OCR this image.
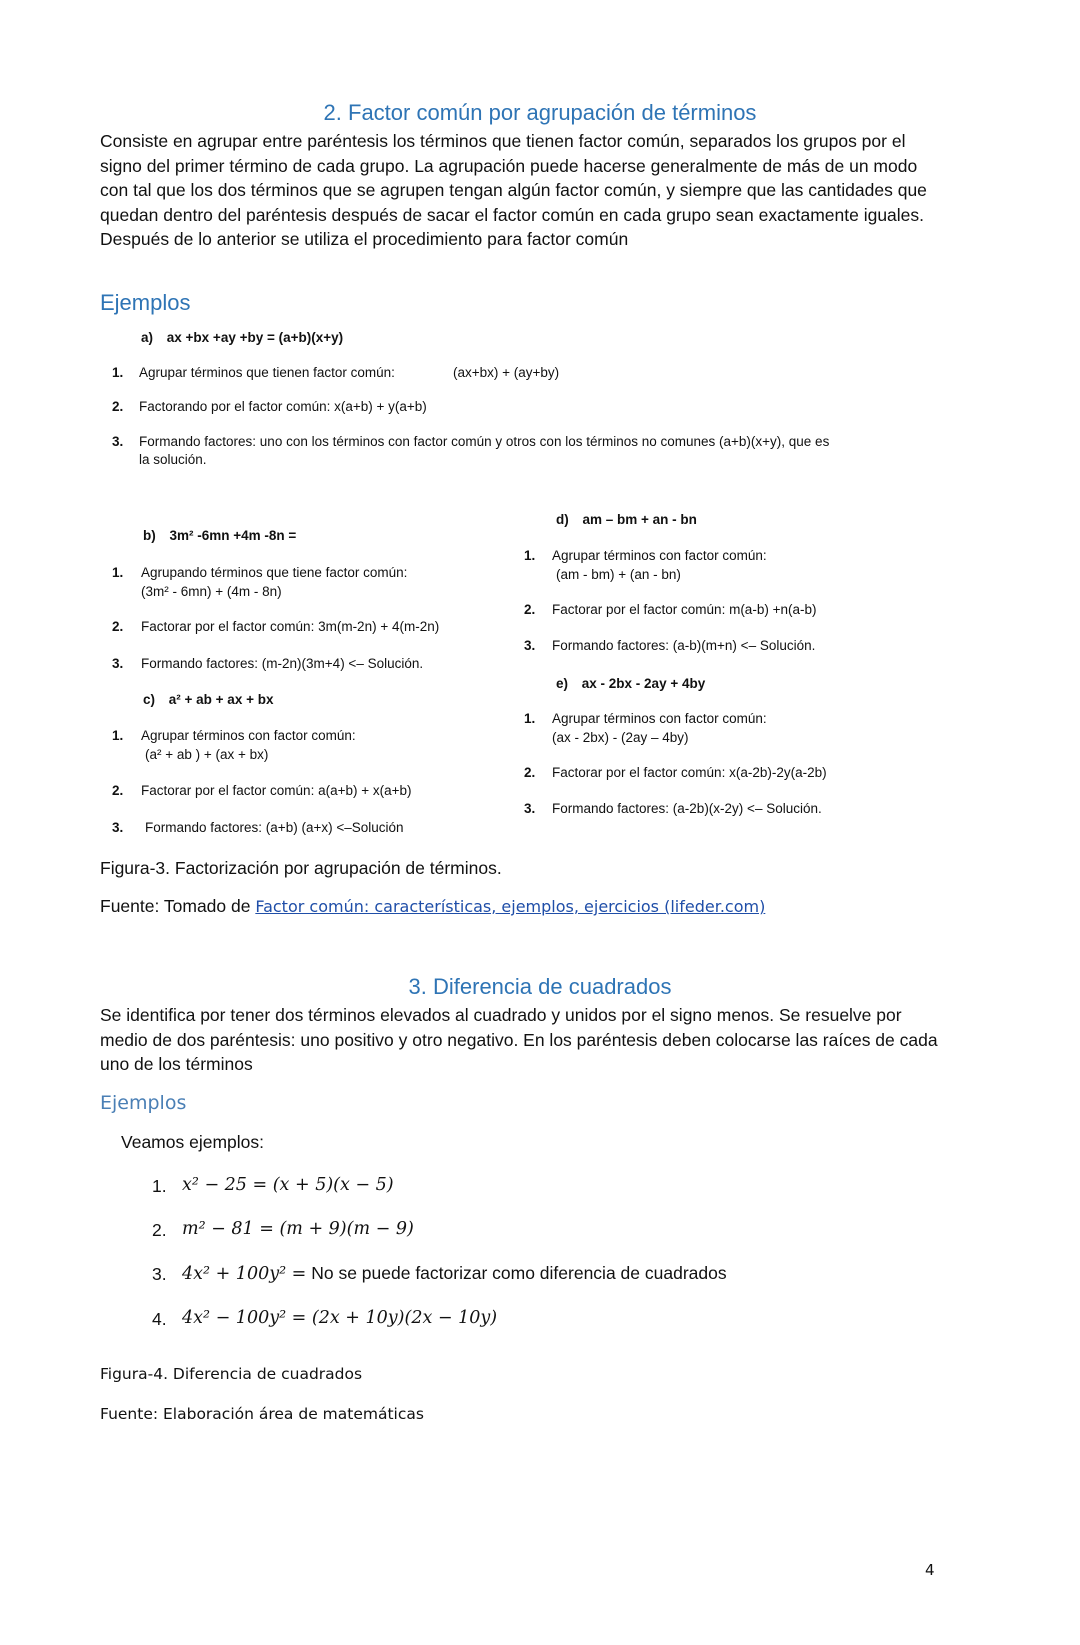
2. Factor común por agrupación de términos
Consiste en agrupar entre paréntesis los términos que tienen factor común, separados los grupos por el signo del primer término de cada grupo. La agrupación puede hacerse generalmente de más de un modo con tal que los dos términos que se agrupen tengan algún factor común, y siempre que las cantidades que quedan dentro del paréntesis después de sacar el factor común en cada grupo sean exactamente iguales. Después de lo anterior se utiliza el procedimiento para factor común
Ejemplos
a) ax +bx +ay +by = (a+b)(x+y)
1. Agrupar términos que tienen factor común:	(ax+bx) + (ay+by)
2. Factorando por el factor común: x(a+b) + y(a+b)
3. Formando factores: uno con los términos con factor común y otros con los términos no comunes (a+b)(x+y), que es
la solución.
b) 3m² -6mn +4m -8n =
1. Agrupando términos que tiene factor común:
(3m² - 6mn) + (4m - 8n)
2. Factorar por el factor común: 3m(m-2n) + 4(m-2n)
3. Formando factores: (m-2n)(3m+4) <– Solución.
c) a² + ab + ax + bx
1. Agrupar términos con factor común:
(a² + ab ) + (ax + bx)
2. Factorar por el factor común: a(a+b) + x(a+b)
3. Formando factores: (a+b) (a+x) <–Solución
d) am – bm + an - bn
1. Agrupar términos con factor común:
(am - bm) + (an - bn)
2. Factorar por el factor común: m(a-b) +n(a-b)
3. Formando factores: (a-b)(m+n) <– Solución.
e) ax - 2bx - 2ay + 4by
1. Agrupar términos con factor común:
(ax - 2bx) - (2ay – 4by)
2. Factorar por el factor común: x(a-2b)-2y(a-2b)
3. Formando factores: (a-2b)(x-2y) <– Solución.
Figura-3. Factorización por agrupación de términos.
Fuente: Tomado de Factor común: características, ejemplos, ejercicios (lifeder.com)
3. Diferencia de cuadrados
Se identifica por tener dos términos elevados al cuadrado y unidos por el signo menos. Se resuelve por medio de dos paréntesis: uno positivo y otro negativo. En los paréntesis deben colocarse las raíces de cada uno de los términos
Ejemplos
Veamos ejemplos:
1. x² − 25 = (x + 5)(x − 5)
2. m² − 81 = (m + 9)(m − 9)
3. 4x² + 100y² = No se puede factorizar como diferencia de cuadrados
4. 4x² − 100y² = (2x + 10y)(2x − 10y)
Figura-4. Diferencia de cuadrados
Fuente: Elaboración área de matemáticas
4
